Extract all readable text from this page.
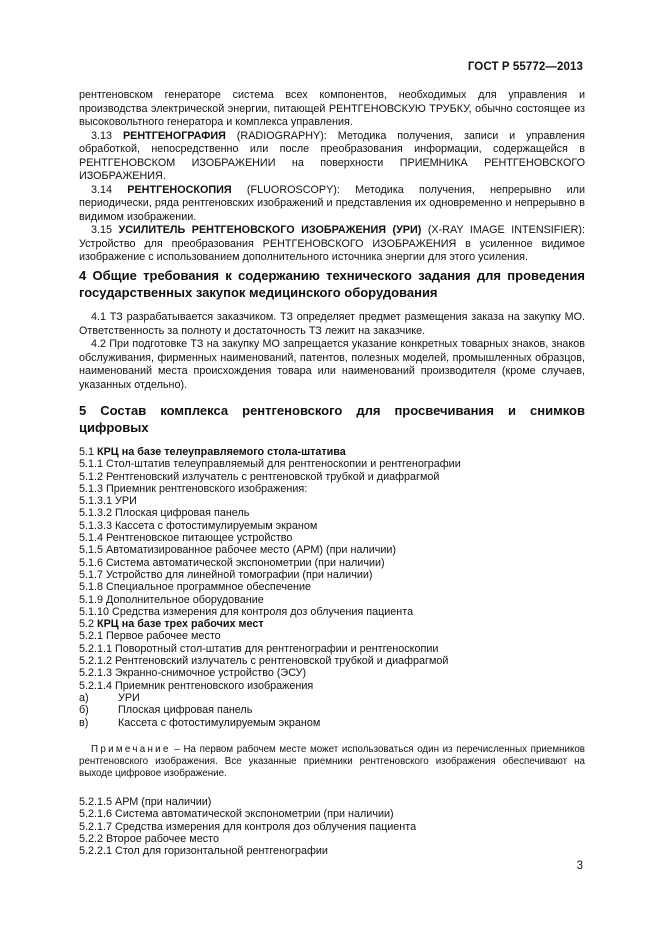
ГОСТ Р 55772—2013

рентгеновском генераторе система всех компонентов, необходимых для управления и производства электрической энергии, питающей РЕНТГЕНОВСКУЮ ТРУБКУ, обычно состоящее из высоковольтного генератора и комплекса управления.

3.13 РЕНТГЕНОГРАФИЯ (RADIOGRAPHY): Методика получения, записи и управления обработкой, непосредственно или после преобразования информации, содержащейся в РЕНТГЕНОВСКОМ ИЗОБРАЖЕНИИ на поверхности ПРИЕМНИКА РЕНТГЕНОВСКОГО ИЗОБРАЖЕНИЯ.

3.14 РЕНТГЕНОСКОПИЯ (FLUOROSCOPY): Методика получения, непрерывно или периодически, ряда рентгеновских изображений и представления их одновременно и непрерывно в видимом изображении.

3.15 УСИЛИТЕЛЬ РЕНТГЕНОВСКОГО ИЗОБРАЖЕНИЯ (УРИ) (X-RAY IMAGE INTENSIFIER): Устройство для преобразования РЕНТГЕНОВСКОГО ИЗОБРАЖЕНИЯ в усиленное видимое изображение с использованием дополнительного источника энергии для этого усиления.

4 Общие требования к содержанию технического задания для проведения государственных закупок медицинского оборудования

4.1 ТЗ разрабатывается заказчиком. ТЗ определяет предмет размещения заказа на закупку МО. Ответственность за полноту и достаточность ТЗ лежит на заказчике.

4.2 При подготовке ТЗ на закупку МО запрещается указание конкретных товарных знаков, знаков обслуживания, фирменных наименований, патентов, полезных моделей, промышленных образцов, наименований места происхождения товара или наименований производителя (кроме случаев, указанных отдельно).

5 Состав комплекса рентгеновского для просвечивания и снимков цифровых

5.1 КРЦ на базе телеуправляемого стола-штатива

5.1.1 Стол-штатив телеуправляемый для рентгеноскопии и рентгенографии

5.1.2 Рентгеновский излучатель с рентгеновской трубкой и диафрагмой

5.1.3 Приемник рентгеновского изображения:

5.1.3.1 УРИ

5.1.3.2 Плоская цифровая панель

5.1.3.3 Кассета с фотостимулируемым экраном

5.1.4 Рентгеновское питающее устройство

5.1.5 Автоматизированное рабочее место (АРМ) (при наличии)

5.1.6 Система автоматической экспонометрии (при наличии)

5.1.7 Устройство для линейной томографии (при наличии)

5.1.8 Специальное программное обеспечение

5.1.9 Дополнительное оборудование

5.1.10 Средства измерения для контроля доз облучения пациента

5.2 КРЦ на базе трех рабочих мест

5.2.1 Первое рабочее место

5.2.1.1 Поворотный стол-штатив для рентгенографии и рентгеноскопии

5.2.1.2 Рентгеновский излучатель с рентгеновской трубкой и диафрагмой

5.2.1.3 Экранно-снимочное устройство (ЭСУ)

5.2.1.4 Приемник рентгеновского изображения

а)	УРИ

б)	Плоская цифровая панель

в)	Кассета с фотостимулируемым экраном

Примечание – На первом рабочем месте может использоваться один из перечисленных приемников рентгеновского изображения. Все указанные приемники рентгеновского изображения обеспечивают на выходе цифровое изображение.

5.2.1.5 АРМ (при наличии)

5.2.1.6 Система автоматической экспонометрии (при наличии)

5.2.1.7 Средства измерения для контроля доз облучения пациента

5.2.2 Второе рабочее место

5.2.2.1 Стол для горизонтальной рентгенографии

3
